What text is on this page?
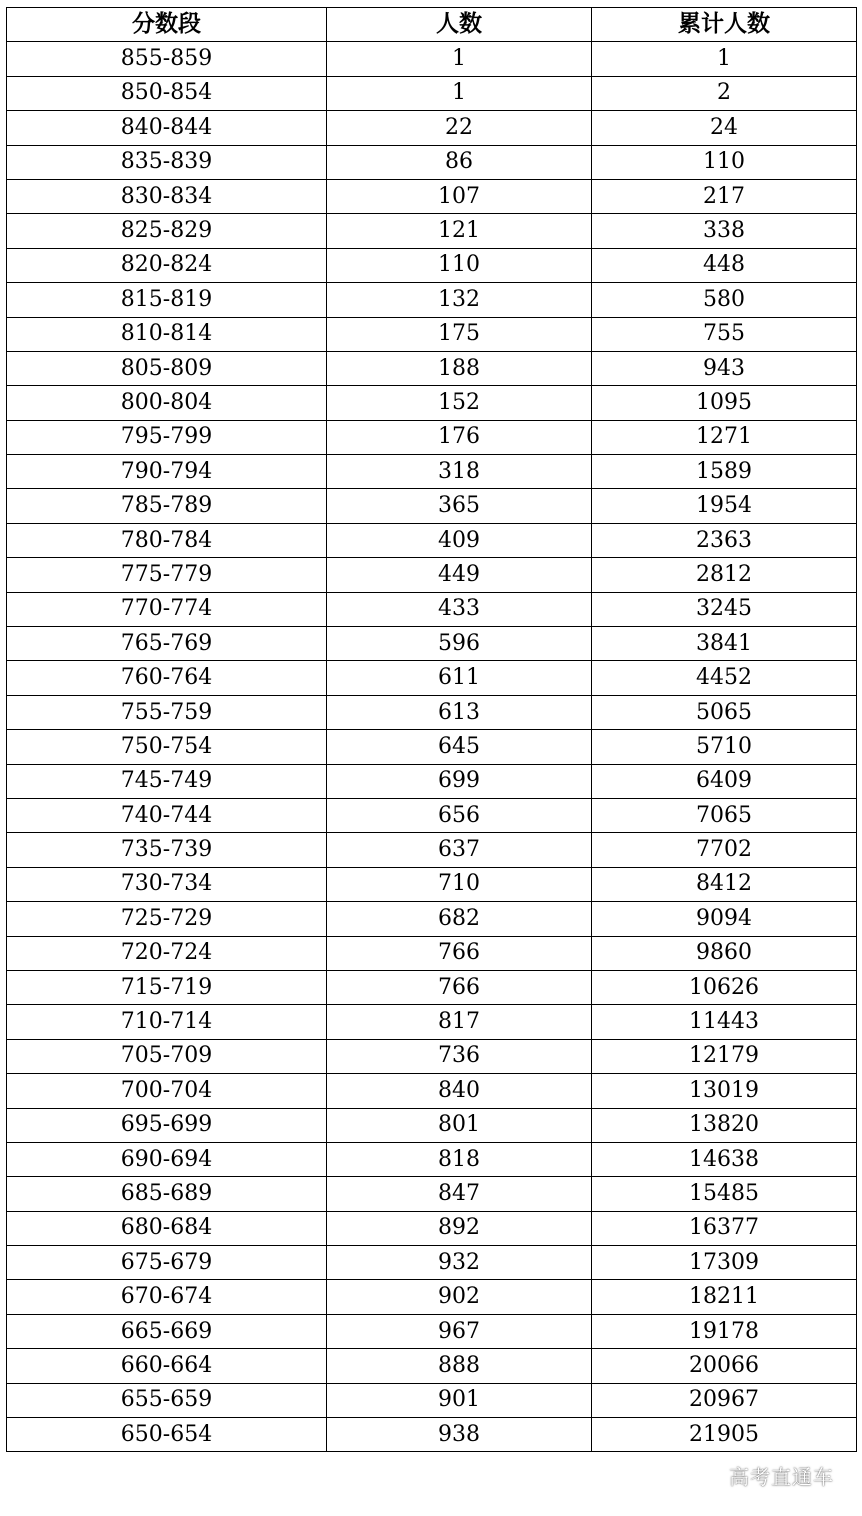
分数段	人数	累计人数
855-859	1	1
850-854	1	2
840-844	22	24
835-839	86	110
830-834	107	217
825-829	121	338
820-824	110	448
815-819	132	580
810-814	175	755
805-809	188	943
800-804	152	1095
795-799	176	1271
790-794	318	1589
785-789	365	1954
780-784	409	2363
775-779	449	2812
770-774	433	3245
765-769	596	3841
760-764	611	4452
755-759	613	5065
750-754	645	5710
745-749	699	6409
740-744	656	7065
735-739	637	7702
730-734	710	8412
725-729	682	9094
720-724	766	9860
715-719	766	10626
710-714	817	11443
705-709	736	12179
700-704	840	13019
695-699	801	13820
690-694	818	14638
685-689	847	15485
680-684	892	16377
675-679	932	17309
670-674	902	18211
665-669	967	19178
660-664	888	20066
655-659	901	20967
650-654	938	21905
高考直通车
